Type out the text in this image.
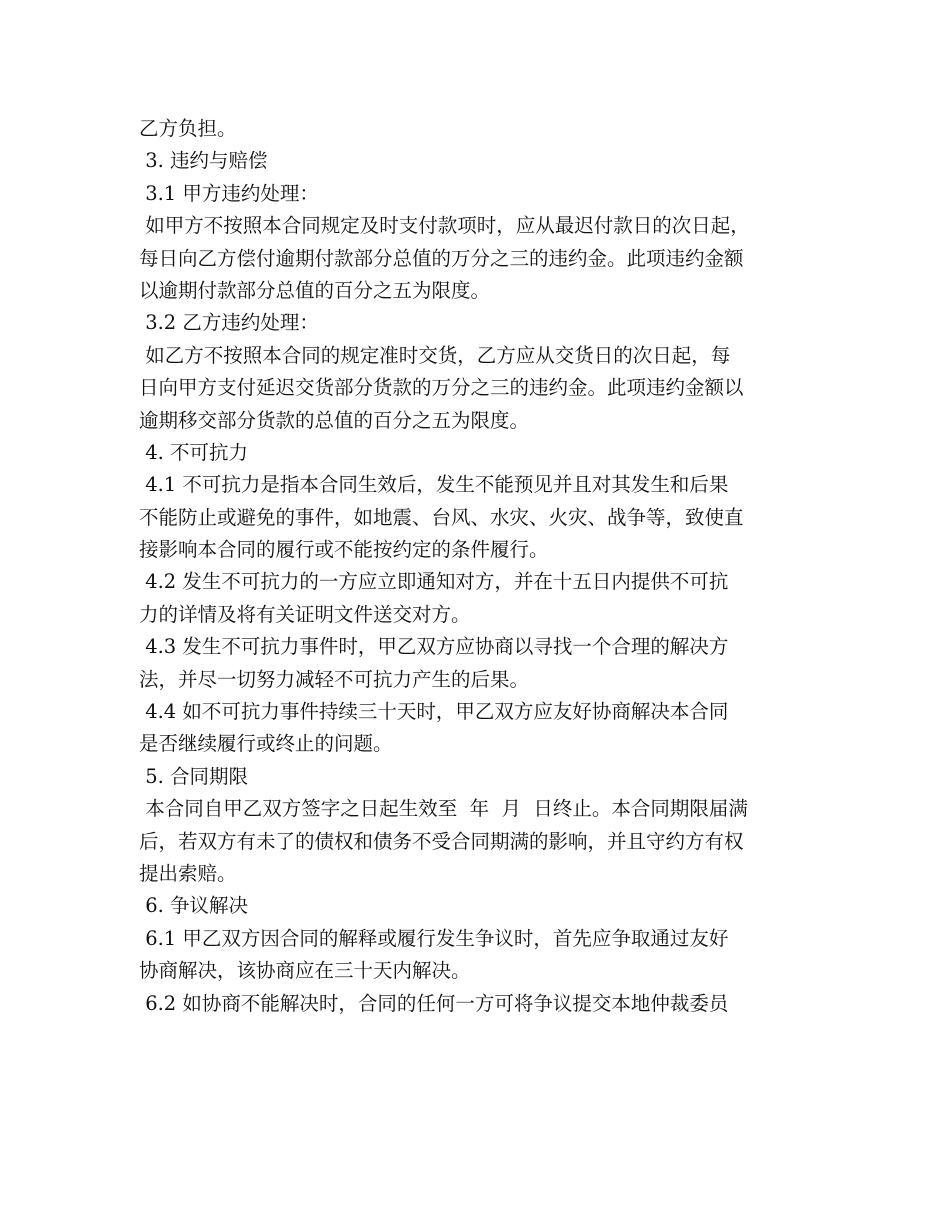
乙方负担。
3. 违约与赔偿
3.1 甲方违约处理：
如甲方不按照本合同规定及时支付款项时，应从最迟付款日的次日起，
每日向乙方偿付逾期付款部分总值的万分之三的违约金。此项违约金额
以逾期付款部分总值的百分之五为限度。
3.2 乙方违约处理：
如乙方不按照本合同的规定准时交货，乙方应从交货日的次日起，每
日向甲方支付延迟交货部分货款的万分之三的违约金。此项违约金额以
逾期移交部分货款的总值的百分之五为限度。
4. 不可抗力
4.1 不可抗力是指本合同生效后，发生不能预见并且对其发生和后果
不能防止或避免的事件，如地震、台风、水灾、火灾、战争等，致使直
接影响本合同的履行或不能按约定的条件履行。
4.2 发生不可抗力的一方应立即通知对方，并在十五日内提供不可抗
力的详情及将有关证明文件送交对方。
4.3 发生不可抗力事件时，甲乙双方应协商以寻找一个合理的解决方
法，并尽一切努力减轻不可抗力产生的后果。
4.4 如不可抗力事件持续三十天时，甲乙双方应友好协商解决本合同
是否继续履行或终止的问题。
5. 合同期限
本合同自甲乙双方签字之日起生效至  年  月  日终止。本合同期限届满
后，若双方有未了的债权和债务不受合同期满的影响，并且守约方有权
提出索赔。
6. 争议解决
6.1 甲乙双方因合同的解释或履行发生争议时，首先应争取通过友好
协商解决，该协商应在三十天内解决。
6.2 如协商不能解决时，合同的任何一方可将争议提交本地仲裁委员
